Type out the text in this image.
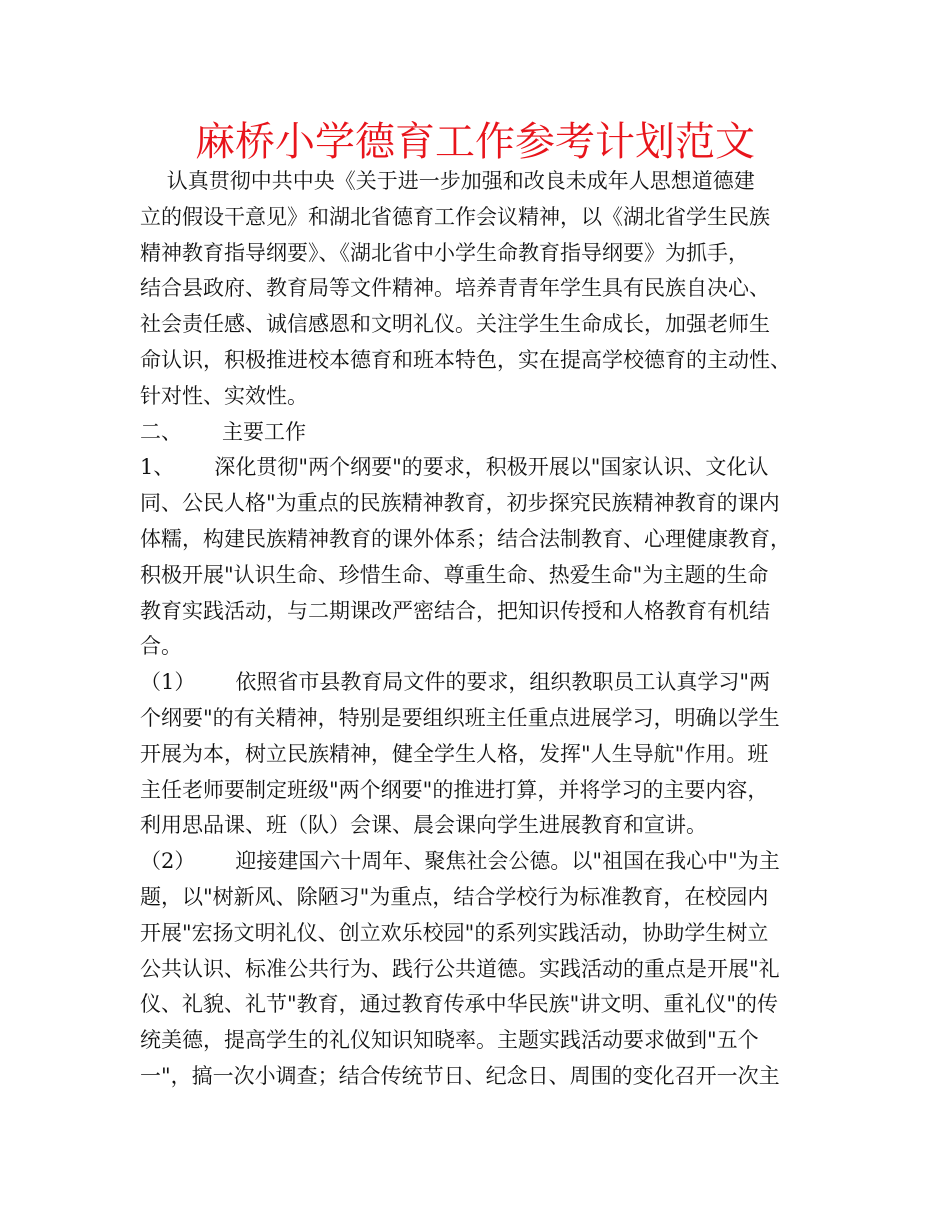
麻桥小学德育工作参考计划范文
认真贯彻中共中央《关于进一步加强和改良未成年人思想道德建
立的假设干意见》和湖北省德育工作会议精神，以《湖北省学生民族
精神教育指导纲要》、《湖北省中小学生命教育指导纲要》为抓手，
结合县政府、教育局等文件精神。培养青青年学生具有民族自决心、
社会责任感、诚信感恩和文明礼仪。关注学生生命成长，加强老师生
命认识，积极推进校本德育和班本特色，实在提高学校德育的主动性、
针对性、实效性。
二、      主要工作
1、      深化贯彻"两个纲要"的要求，积极开展以"国家认识、文化认
同、公民人格"为重点的民族精神教育，初步探究民族精神教育的课内
体糯，构建民族精神教育的课外体系；结合法制教育、心理健康教育，
积极开展"认识生命、珍惜生命、尊重生命、热爱生命"为主题的生命
教育实践活动，与二期课改严密结合，把知识传授和人格教育有机结
合。
（1）      依照省市县教育局文件的要求，组织教职员工认真学习"两
个纲要"的有关精神，特别是要组织班主任重点进展学习，明确以学生
开展为本，树立民族精神，健全学生人格，发挥"人生导航"作用。班
主任老师要制定班级"两个纲要"的推进打算，并将学习的主要内容，
利用思品课、班（队）会课、晨会课向学生进展教育和宣讲。
（2）      迎接建国六十周年、聚焦社会公德。以"祖国在我心中"为主
题，以"树新风、除陋习"为重点，结合学校行为标准教育，在校园内
开展"宏扬文明礼仪、创立欢乐校园"的系列实践活动，协助学生树立
公共认识、标准公共行为、践行公共道德。实践活动的重点是开展"礼
仪、礼貌、礼节"教育，通过教育传承中华民族"讲文明、重礼仪"的传
统美德，提高学生的礼仪知识知晓率。主题实践活动要求做到"五个
一"，搞一次小调查；结合传统节日、纪念日、周围的变化召开一次主
